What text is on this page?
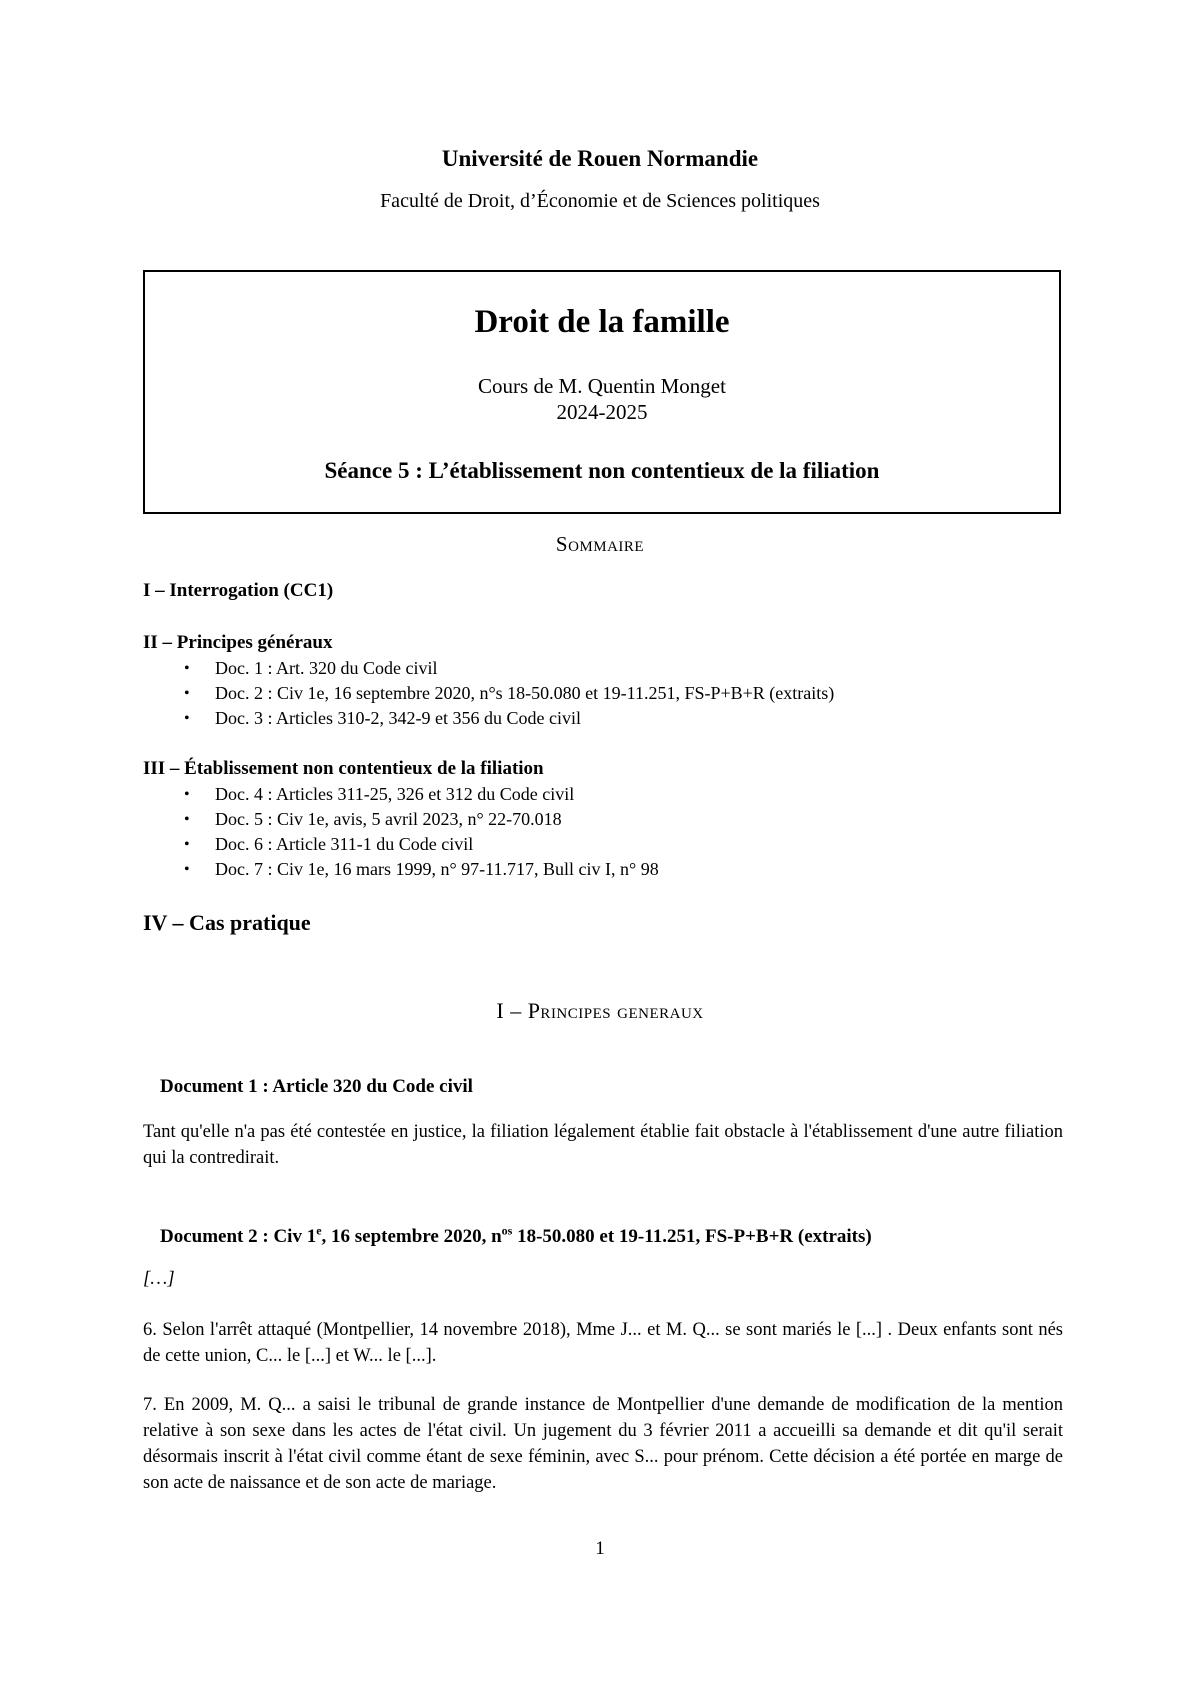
Université de Rouen Normandie
Faculté de Droit, d’Économie et de Sciences politiques
Droit de la famille
Cours de M. Quentin Monget
2024-2025
Séance 5 : L’établissement non contentieux de la filiation
Sommaire
I – Interrogation (CC1)
II – Principes généraux
• Doc. 1 : Art. 320 du Code civil
• Doc. 2 : Civ 1e, 16 septembre 2020, n°s 18-50.080 et 19-11.251, FS-P+B+R (extraits)
• Doc. 3 : Articles 310-2, 342-9 et 356 du Code civil
III – Établissement non contentieux de la filiation
• Doc. 4 : Articles 311-25, 326 et 312 du Code civil
• Doc. 5 : Civ 1e, avis, 5 avril 2023, n° 22-70.018
• Doc. 6 : Article 311-1 du Code civil
• Doc. 7 : Civ 1e, 16 mars 1999, n° 97-11.717, Bull civ I, n° 98
IV – Cas pratique
I – Principes generaux
Document 1 : Article 320 du Code civil
Tant qu'elle n'a pas été contestée en justice, la filiation légalement établie fait obstacle à l'établissement d'une autre filiation qui la contredirait.
Document 2 : Civ 1e, 16 septembre 2020, $n^{os}$ 18-50.080 et 19-11.251, FS-P+B+R (extraits)
[…]
6. Selon l'arrêt attaqué (Montpellier, 14 novembre 2018), Mme J... et M. Q... se sont mariés le [...] . Deux enfants sont nés de cette union, C... le [...] et W... le [...].
7. En 2009, M. Q... a saisi le tribunal de grande instance de Montpellier d'une demande de modification de la mention relative à son sexe dans les actes de l'état civil. Un jugement du 3 février 2011 a accueilli sa demande et dit qu'il serait désormais inscrit à l'état civil comme étant de sexe féminin, avec S... pour prénom. Cette décision a été portée en marge de son acte de naissance et de son acte de mariage.
1
